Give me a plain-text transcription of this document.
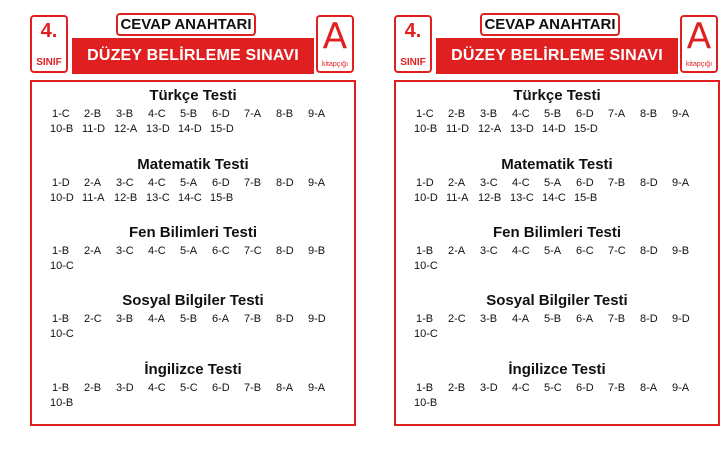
4.
SINIF
CEVAP ANAHTARI
DÜZEY BELİRLEME SINAVI A
kitapçığı
Türkçe Testi
1-C	2-B	3-B	4-C	5-B	6-D	7-A	8-B	9-A
10-B 11-D 12-A 13-D 14-D 15-D
Matematik Testi
1-D	2-A	3-C	4-C	5-A	6-D	7-B	8-D	9-A
10-D 11-A 12-B 13-C 14-C 15-B
Fen Bilimleri Testi
1-B	2-A	3-C	4-C	5-A	6-C	7-C	8-D	9-B
10-C
Sosyal Bilgiler Testi
1-B	2-C	3-B	4-A	5-B	6-A	7-B	8-D	9-D
10-C
İngilizce Testi
1-B	2-B	3-D	4-C	5-C	6-D	7-B	8-A	9-A
10-B
4.
SINIF
CEVAP ANAHTARI
DÜZEY BELİRLEME SINAVI A
kitapçığı
Türkçe Testi
1-C	2-B	3-B	4-C	5-B	6-D	7-A	8-B	9-A
10-B 11-D 12-A 13-D 14-D 15-D
Matematik Testi
1-D	2-A	3-C	4-C	5-A	6-D	7-B	8-D	9-A
10-D 11-A 12-B 13-C 14-C 15-B
Fen Bilimleri Testi
1-B	2-A	3-C	4-C	5-A	6-C	7-C	8-D	9-B
10-C
Sosyal Bilgiler Testi
1-B	2-C	3-B	4-A	5-B	6-A	7-B	8-D	9-D
10-C
İngilizce Testi
1-B	2-B	3-D	4-C	5-C	6-D	7-B	8-A	9-A
10-B
